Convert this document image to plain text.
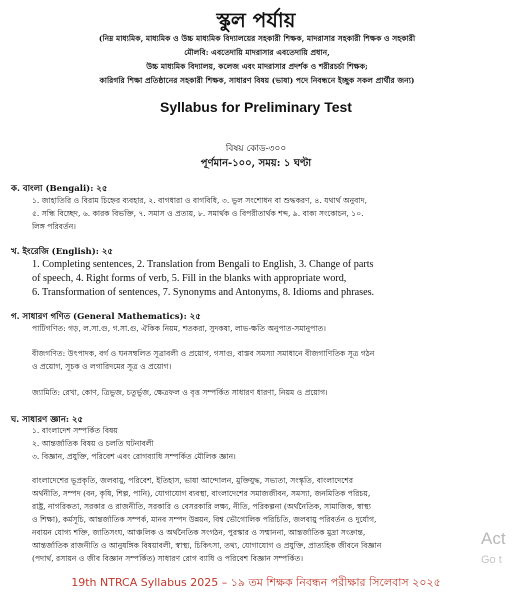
স্কুল পর্যায়
(নিম্ন মাধ্যমিক, মাধ্যমিক ও উচ্চ মাধ্যমিক বিদ্যালয়ের সহকারী শিক্ষক, মাদরাসার সহকারী শিক্ষক ও সহকারী
মৌলবি: এবতেদায়ি মাদরাসার এবতেদায়ি প্রধান,
উচ্চ মাধ্যমিক বিদ্যালয়, কলেজ এবং মাদরাসার প্রদর্শক ও শরীরচর্চা শিক্ষক;
কারিগরি শিক্ষা প্রতিষ্ঠানের সহকারী শিক্ষক, সাধারণ বিষয় (ভাষা) পদে নিবন্ধনে ইচ্ছুক সকল প্রার্থীর জন্য)
Syllabus for Preliminary Test
বিষয় কোড-৩০০
পূর্ণমান-১০০, সময়: ১ ঘণ্টা
ক. বাংলা (Bengali): ২৫
১. জাহাতিরি ও বিরাম চিহ্নের ব্যবহার, ২. বাগধারা ও বাগবিধি, ৩. ভুল সংশোধন বা শুদ্ধকরণ, ৪. যথার্থ অনুবাদ,
৫. সন্ধি বিচ্ছেদ, ৬. কারক বিভক্তি, ৭. সমাস ও প্রত্যয়, ৮. সমার্থক ও বিপরীতার্থক শব্দ, ৯. বাক্য সংকোচন, ১০.
লিঙ্গ পরিবর্তন।
খ. ইংরেজি (English): ২৫
1. Completing sentences, 2. Translation from Bengali to English, 3. Change of parts
of speech, 4. Right forms of verb, 5. Fill in the blanks with appropriate word,
6. Transformation of sentences, 7. Synonyms and Antonyms, 8. Idioms and phrases.
গ. সাধারণ গণিত (General Mathematics): ২৫
পাটিগণিত: গড়, ল.সা.গু, গ.সা.গু, ঐকিক নিয়ম, শতকরা, সুদকষা, লাভ-ক্ষতি অনুপাত-সমানুপাত।
বীজগণিত: উৎপাদক, বর্গ ও ঘনসম্বলিত সূত্রাবলী ও প্রয়োগ, গসাগু, বাস্তব সমস্যা সমাধানে বীজগাণিতিক সূত্র গঠন
ও প্রয়োগ, সূচক ও লগারিদমের সূত্র ও প্রয়োগ।
জ্যামিতি: রেখা, কোণ, ত্রিভুজ, চতুর্ভুজ, ক্ষেত্রফল ও বৃত্ত সম্পর্কিত সাধারণ ধারণা, নিয়ম ও প্রয়োগ।
ঘ. সাধারণ জ্ঞান: ২৫
১. বাংলাদেশ সম্পর্কিত বিষয়
২. আন্তর্জাতিক বিষয় ও চলতি ঘটনাবলী
৩. বিজ্ঞান, প্রযুক্তি, পরিবেশ এবং রোগব্যাধি সম্পর্কিত মৌলিক জ্ঞান।
বাংলাদেশের ভূপ্রকৃতি, জলবায়ু, পরিবেশ, ইতিহাস, ভাষা আন্দোলন, মুক্তিযুদ্ধ, সভ্যতা, সংস্কৃতি, বাংলাদেশের
অর্থনীতি, সম্পদ (বন, কৃষি, শিল্প, পানি), যোগাযোগ ব্যবস্থা, বাংলাদেশের সমাজজীবন, সমস্যা, জনমিতিক পরিচয়,
রাষ্ট্র, নাগরিকতা, সরকার ও রাজনীতি, সরকারি ও বেসরকারি লক্ষ্য, নীতি, পরিকল্পনা (অর্থনৈতিক, সামাজিক, স্বাস্থ্য
ও শিক্ষা), কর্মসূচি, আন্তর্জাতিক সম্পর্ক, মানব সম্পদ উন্নয়ন, বিশ্ব ভৌগোলিক পরিচিতি, জলবায়ু পরিবর্তন ও দুর্যোগ,
নবায়ন যোগ্য শক্তি, জাতিসংঘ, আঞ্চলিক ও অর্থনৈতিক সংগঠন, পুরস্কার ও সম্মাননা, আন্তর্জাতিক মুদ্রা সংক্রান্ত,
আন্তর্জাতিক রাজনীতি ও আনুষঙ্গিক বিষয়াবলী, স্বাস্থ্য, চিকিৎসা, তথ্য, যোগাযোগ ও প্রযুক্তি, প্রাত্যহিক জীবনে বিজ্ঞান
(পদার্থ, রসায়ন ও জীব বিজ্ঞান সম্পর্কিত) সাধারণ রোগ ব্যাধি ও পরিবেশ বিজ্ঞান সম্পর্কিত।
Act
Go t
19th NTRCA Syllabus 2025 – ১৯ তম শিক্ষক নিবন্ধন পরীক্ষার সিলেবাস ২০২৫
